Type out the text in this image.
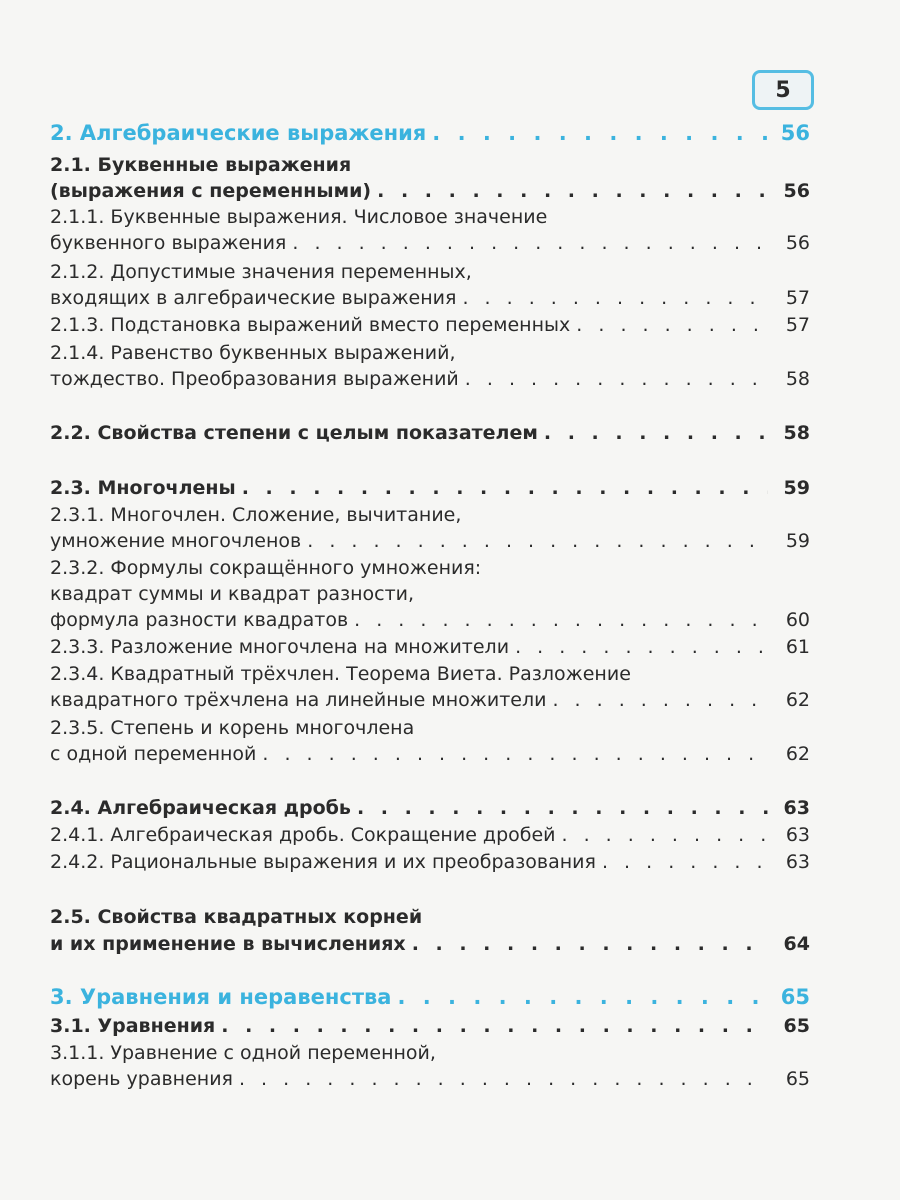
5
2. Алгебраические выражения . . .	56
2.1. Буквенные выражения
(выражения с переменными) . . .	56
2.1.1. Буквенные выражения. Числовое значение
буквенного выражения . . .	56
2.1.2. Допустимые значения переменных,
входящих в алгебраические выражения . . .	57
2.1.3. Подстановка выражений вместо переменных . . .	57
2.1.4. Равенство буквенных выражений,
тождество. Преобразования выражений . . .	58
2.2. Свойства степени с целым показателем . . .	58
2.3. Многочлены . . .	59
2.3.1. Многочлен. Сложение, вычитание,
умножение многочленов . . .	59
2.3.2. Формулы сокращённого умножения:
квадрат суммы и квадрат разности,
формула разности квадратов . . .	60
2.3.3. Разложение многочлена на множители . . .	61
2.3.4. Квадратный трёхчлен. Теорема Виета. Разложение
квадратного трёхчлена на линейные множители . . .	62
2.3.5. Степень и корень многочлена
с одной переменной . . .	62
2.4. Алгебраическая дробь . . .	63
2.4.1. Алгебраическая дробь. Сокращение дробей . . .	63
2.4.2. Рациональные выражения и их преобразования . . .	63
2.5. Свойства квадратных корней
и их применение в вычислениях . . .	64
3. Уравнения и неравенства . . .	65
3.1. Уравнения . . .	65
3.1.1. Уравнение с одной переменной,
корень уравнения . . .	65
